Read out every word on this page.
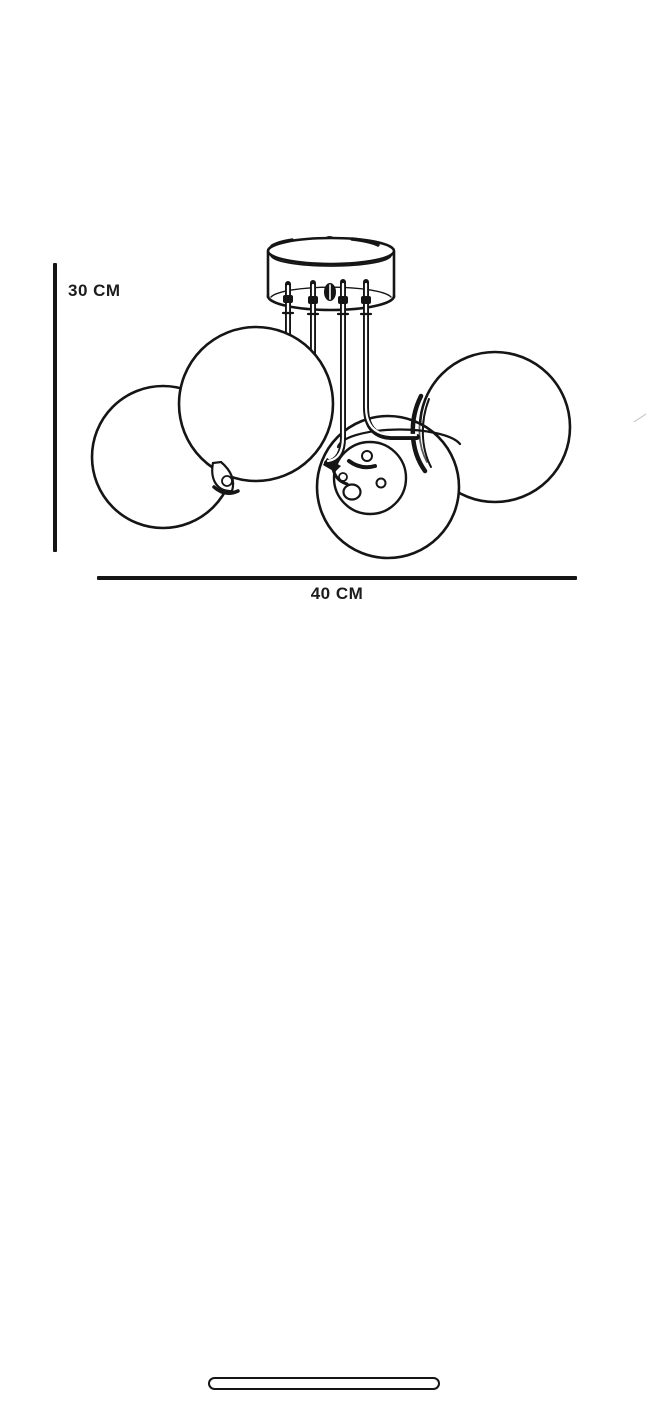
30 CM
40 CM
